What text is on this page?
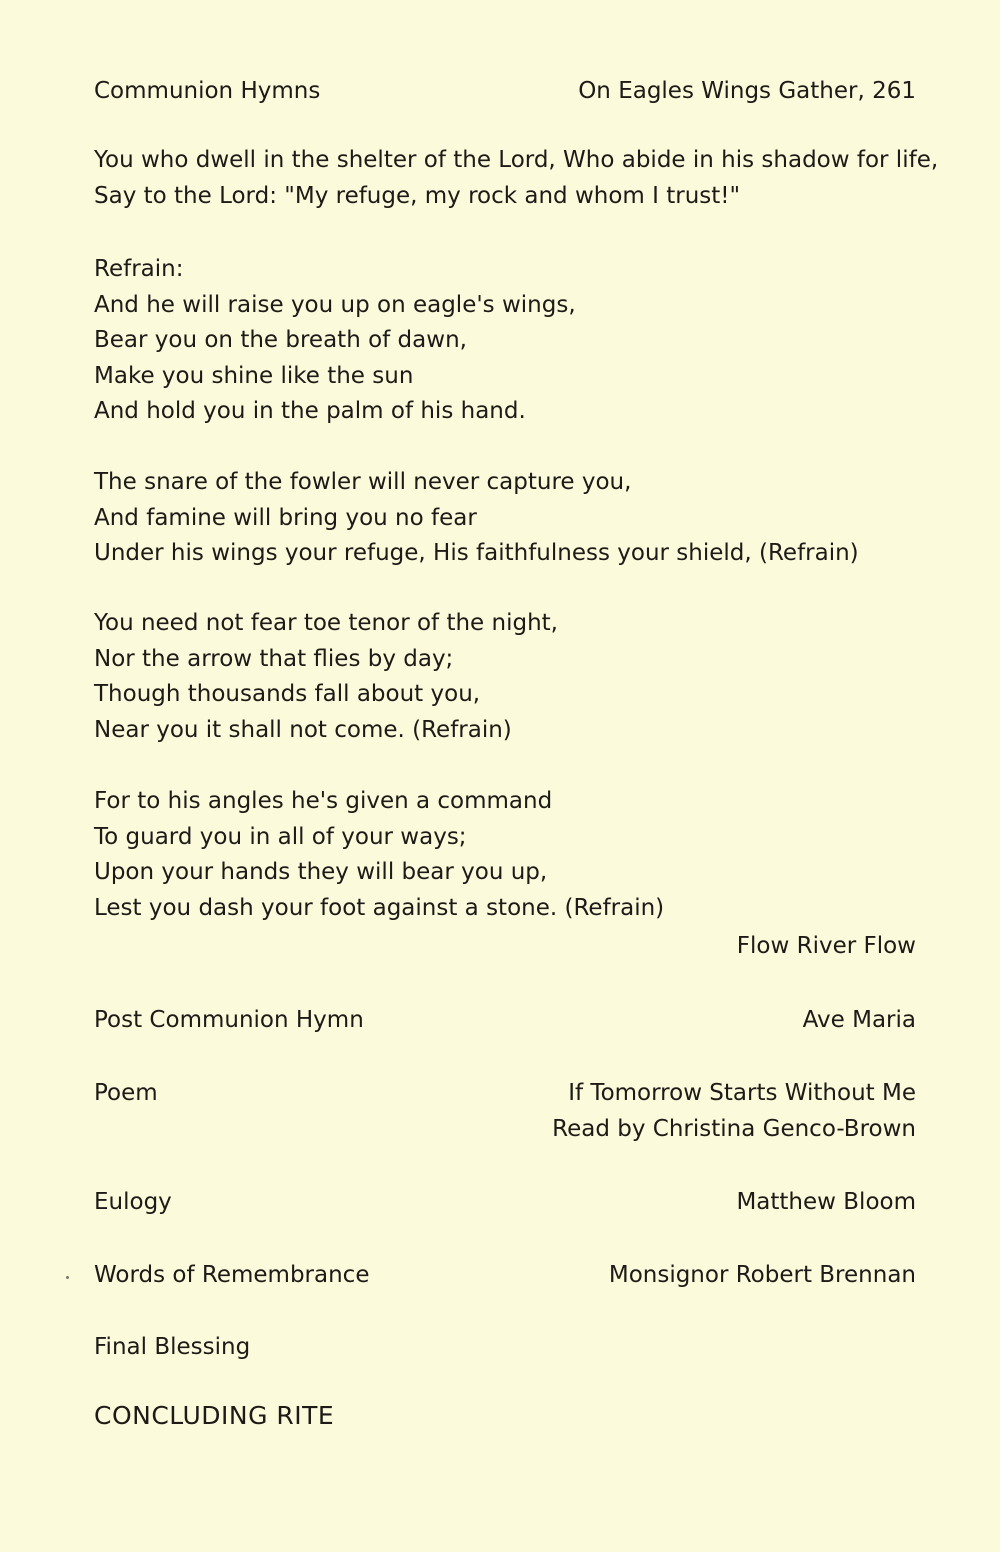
Communion Hymns	On Eagles Wings Gather, 261
You who dwell in the shelter of the Lord, Who abide in his shadow for life,
Say to the Lord: "My refuge, my rock and whom I trust!"
Refrain:
And he will raise you up on eagle's wings,
Bear you on the breath of dawn,
Make you shine like the sun
And hold you in the palm of his hand.
The snare of the fowler will never capture you,
And famine will bring you no fear
Under his wings your refuge, His faithfulness your shield, (Refrain)
You need not fear toe tenor of the night,
Nor the arrow that flies by day;
Though thousands fall about you,
Near you it shall not come. (Refrain)
For to his angles he's given a command
To guard you in all of your ways;
Upon your hands they will bear you up,
Lest you dash your foot against a stone. (Refrain)
Flow River Flow
Post Communion Hymn	Ave Maria
Poem	If Tomorrow Starts Without Me
Read by Christina Genco-Brown
Eulogy	Matthew Bloom
Words of Remembrance	Monsignor Robert Brennan
Final Blessing
CONCLUDING RITE
